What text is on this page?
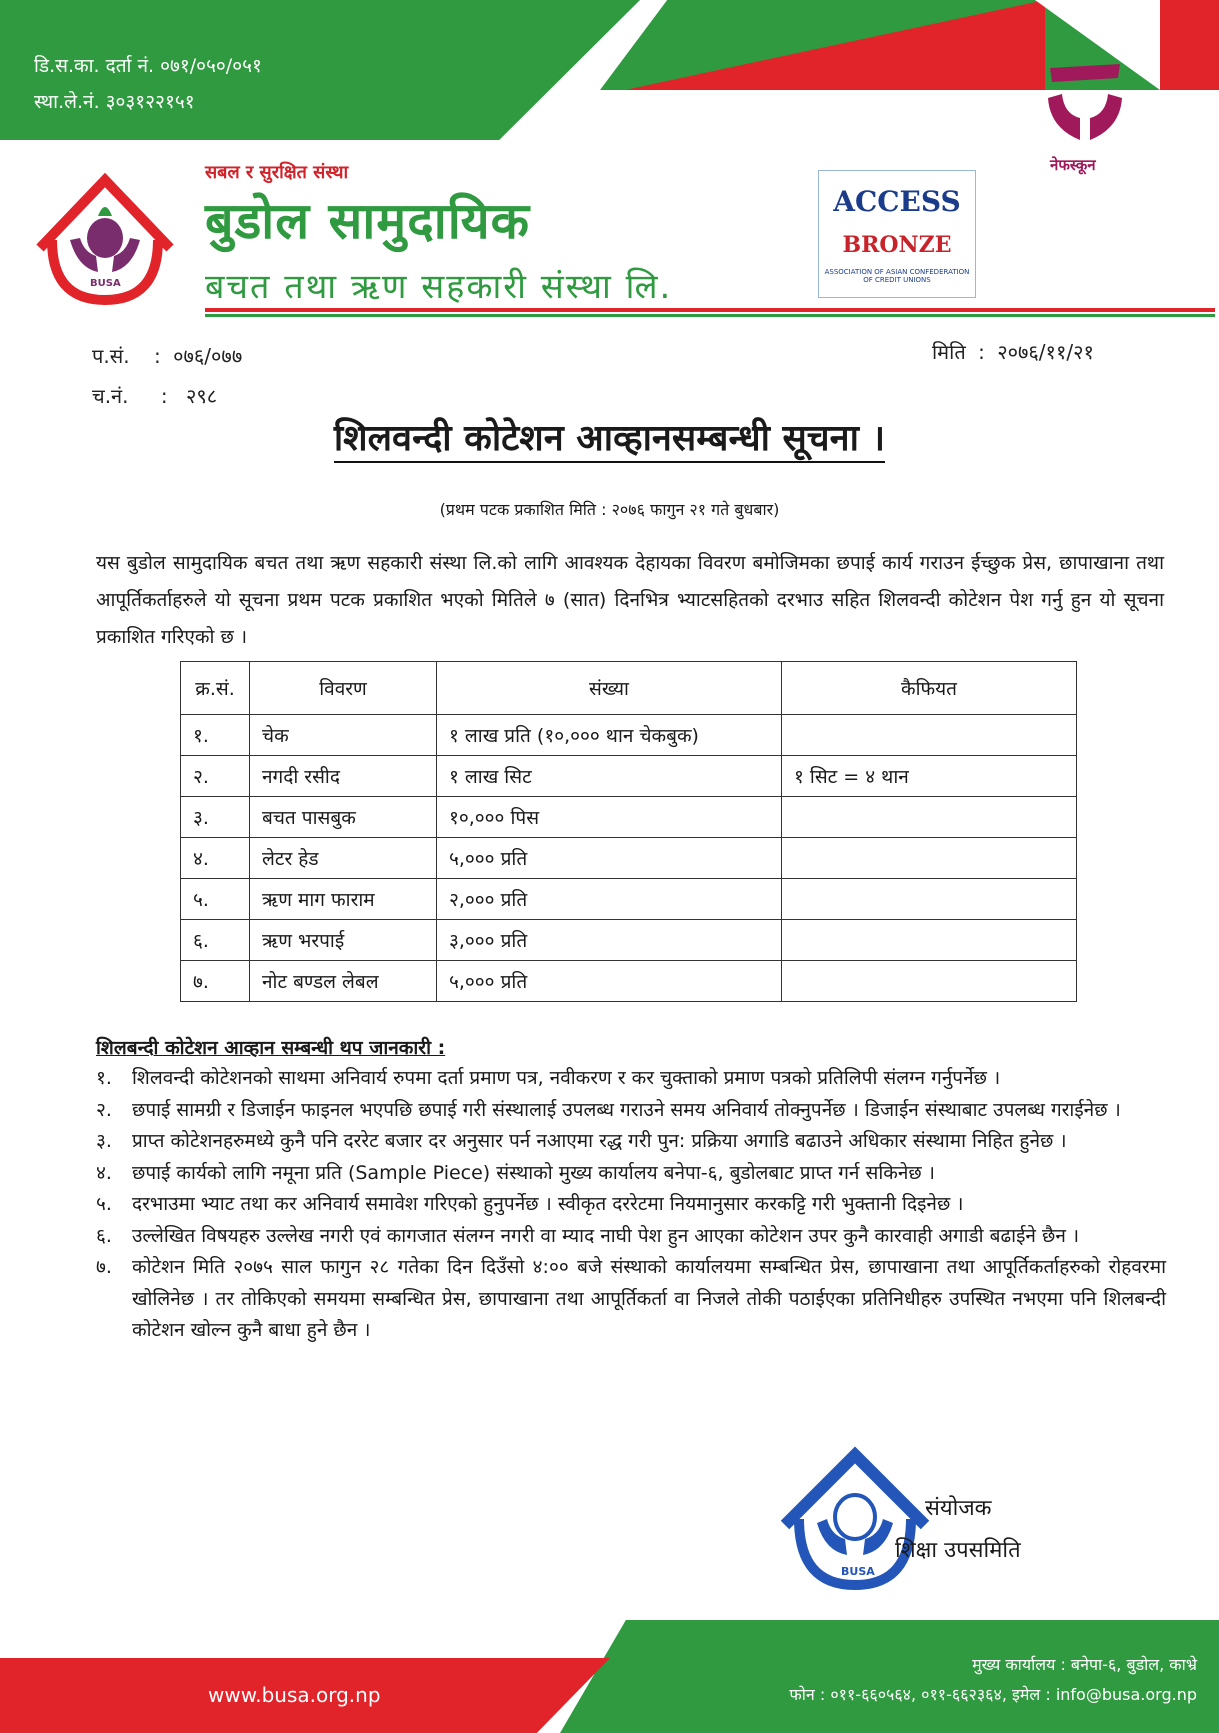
डि.स.का. दर्ता नं. ०७१/०५०/०५१
स्था.ले.नं. ३०३१२२१५१
नेफस्कून
BUSA
सबल र सुरक्षित संस्था
बुडोल सामुदायिक
बचत तथा ऋण सहकारी संस्था लि.
ACCESS
BRONZE
ASSOCIATION OF ASIAN CONFEDERATION OF CREDIT UNIONS
प.सं. : ०७६/०७७
च.नं. : २९८
मिति : २०७६/११/२१
शिलवन्दी कोटेशन आव्हानसम्बन्धी सूचना ।
(प्रथम पटक प्रकाशित मिति : २०७६ फागुन २१ गते बुधबार)
यस बुडोल सामुदायिक बचत तथा ऋण सहकारी संस्था लि.को लागि आवश्यक देहायका विवरण बमोजिमका छपाई कार्य गराउन ईच्छुक प्रेस, छापाखाना तथा आपूर्तिकर्ताहरुले यो सूचना प्रथम पटक प्रकाशित भएको मितिले ७ (सात) दिनभित्र भ्याटसहितको दरभाउ सहित शिलवन्दी कोटेशन पेश गर्नु हुन यो सूचना प्रकाशित गरिएको छ ।
क्र.सं.	विवरण	संख्या	कैफियत
१.	चेक	१ लाख प्रति (१०,००० थान चेकबुक)	
२.	नगदी रसीद	१ लाख सिट	१ सिट = ४ थान
३.	बचत पासबुक	१०,००० पिस	
४.	लेटर हेड	५,००० प्रति	
५.	ऋण माग फाराम	२,००० प्रति	
६.	ऋण भरपाई	३,००० प्रति	
७.	नोट बण्डल लेबल	५,००० प्रति	
शिलबन्दी कोटेशन आव्हान सम्बन्धी थप जानकारी :
१. शिलवन्दी कोटेशनको साथमा अनिवार्य रुपमा दर्ता प्रमाण पत्र, नवीकरण र कर चुक्ताको प्रमाण पत्रको प्रतिलिपी संलग्न गर्नुपर्नेछ ।
२. छपाई सामग्री र डिजाईन फाइनल भएपछि छपाई गरी संस्थालाई उपलब्ध गराउने समय अनिवार्य तोक्नुपर्नेछ । डिजाईन संस्थाबाट उपलब्ध गराईनेछ ।
३. प्राप्त कोटेशनहरुमध्ये कुनै पनि दररेट बजार दर अनुसार पर्न नआएमा रद्ध गरी पुन: प्रक्रिया अगाडि बढाउने अधिकार संस्थामा निहित हुनेछ ।
४. छपाई कार्यको लागि नमूना प्रति (Sample Piece) संस्थाको मुख्य कार्यालय बनेपा-६, बुडोलबाट प्राप्त गर्न सकिनेछ ।
५. दरभाउमा भ्याट तथा कर अनिवार्य समावेश गरिएको हुनुपर्नेछ । स्वीकृत दररेटमा नियमानुसार करकट्टि गरी भुक्तानी दिइनेछ ।
६. उल्लेखित विषयहरु उल्लेख नगरी एवं कागजात संलग्न नगरी वा म्याद नाघी पेश हुन आएका कोटेशन उपर कुनै कारवाही अगाडी बढाईने छैन ।
७. कोटेशन मिति २०७५ साल फागुन २८ गतेका दिन दिउँसो ४:०० बजे संस्थाको कार्यालयमा सम्बन्धित प्रेस, छापाखाना तथा आपूर्तिकर्ताहरुको रोहवरमा खोलिनेछ । तर तोकिएको समयमा सम्बन्धित प्रेस, छापाखाना तथा आपूर्तिकर्ता वा निजले तोकी पठाईएका प्रतिनिधीहरु उपस्थित नभएमा पनि शिलबन्दी कोटेशन खोल्न कुनै बाधा हुने छैन ।
BUSA
संयोजक
शिक्षा उपसमिति
www.busa.org.np
मुख्य कार्यालय : बनेपा-६, बुडोल, काभ्रे
फोन : ०११-६६०५६४, ०११-६६२३६४, इमेल : info@busa.org.np
